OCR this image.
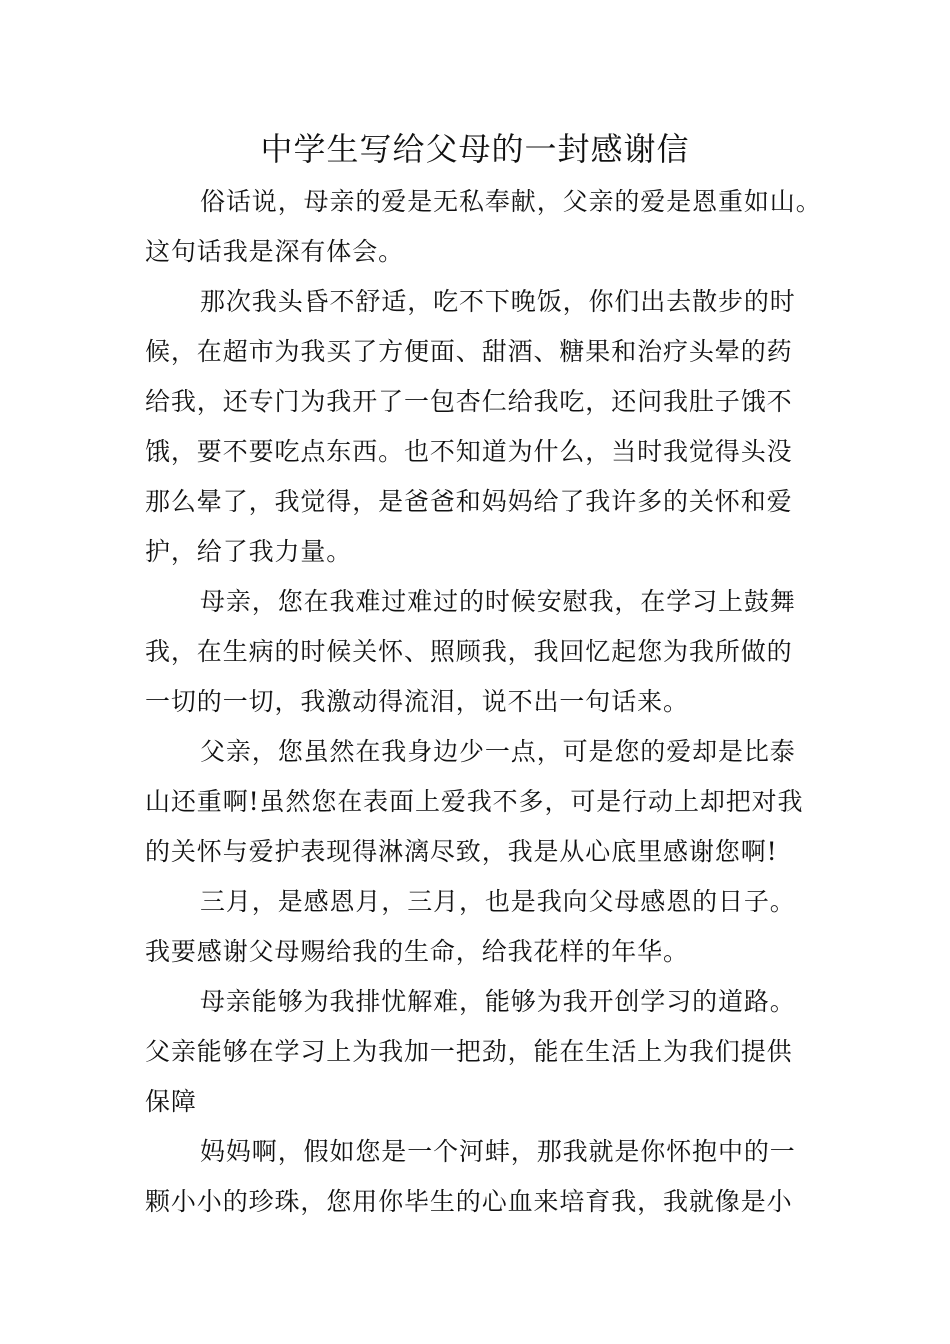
中学生写给父母的一封感谢信
俗话说，母亲的爱是无私奉献，父亲的爱是恩重如山。
这句话我是深有体会。
那次我头昏不舒适，吃不下晚饭，你们出去散步的时
候，在超市为我买了方便面、甜酒、糖果和治疗头晕的药
给我，还专门为我开了一包杏仁给我吃，还问我肚子饿不
饿，要不要吃点东西。也不知道为什么，当时我觉得头没
那么晕了，我觉得，是爸爸和妈妈给了我许多的关怀和爱
护，给了我力量。
母亲，您在我难过难过的时候安慰我，在学习上鼓舞
我，在生病的时候关怀、照顾我，我回忆起您为我所做的
一切的一切，我激动得流泪，说不出一句话来。
父亲，您虽然在我身边少一点，可是您的爱却是比泰
山还重啊!虽然您在表面上爱我不多，可是行动上却把对我
的关怀与爱护表现得淋漓尽致，我是从心底里感谢您啊!
三月，是感恩月，三月，也是我向父母感恩的日子。
我要感谢父母赐给我的生命，给我花样的年华。
母亲能够为我排忧解难，能够为我开创学习的道路。
父亲能够在学习上为我加一把劲，能在生活上为我们提供
保障
妈妈啊，假如您是一个河蚌，那我就是你怀抱中的一
颗小小的珍珠，您用你毕生的心血来培育我，我就像是小
